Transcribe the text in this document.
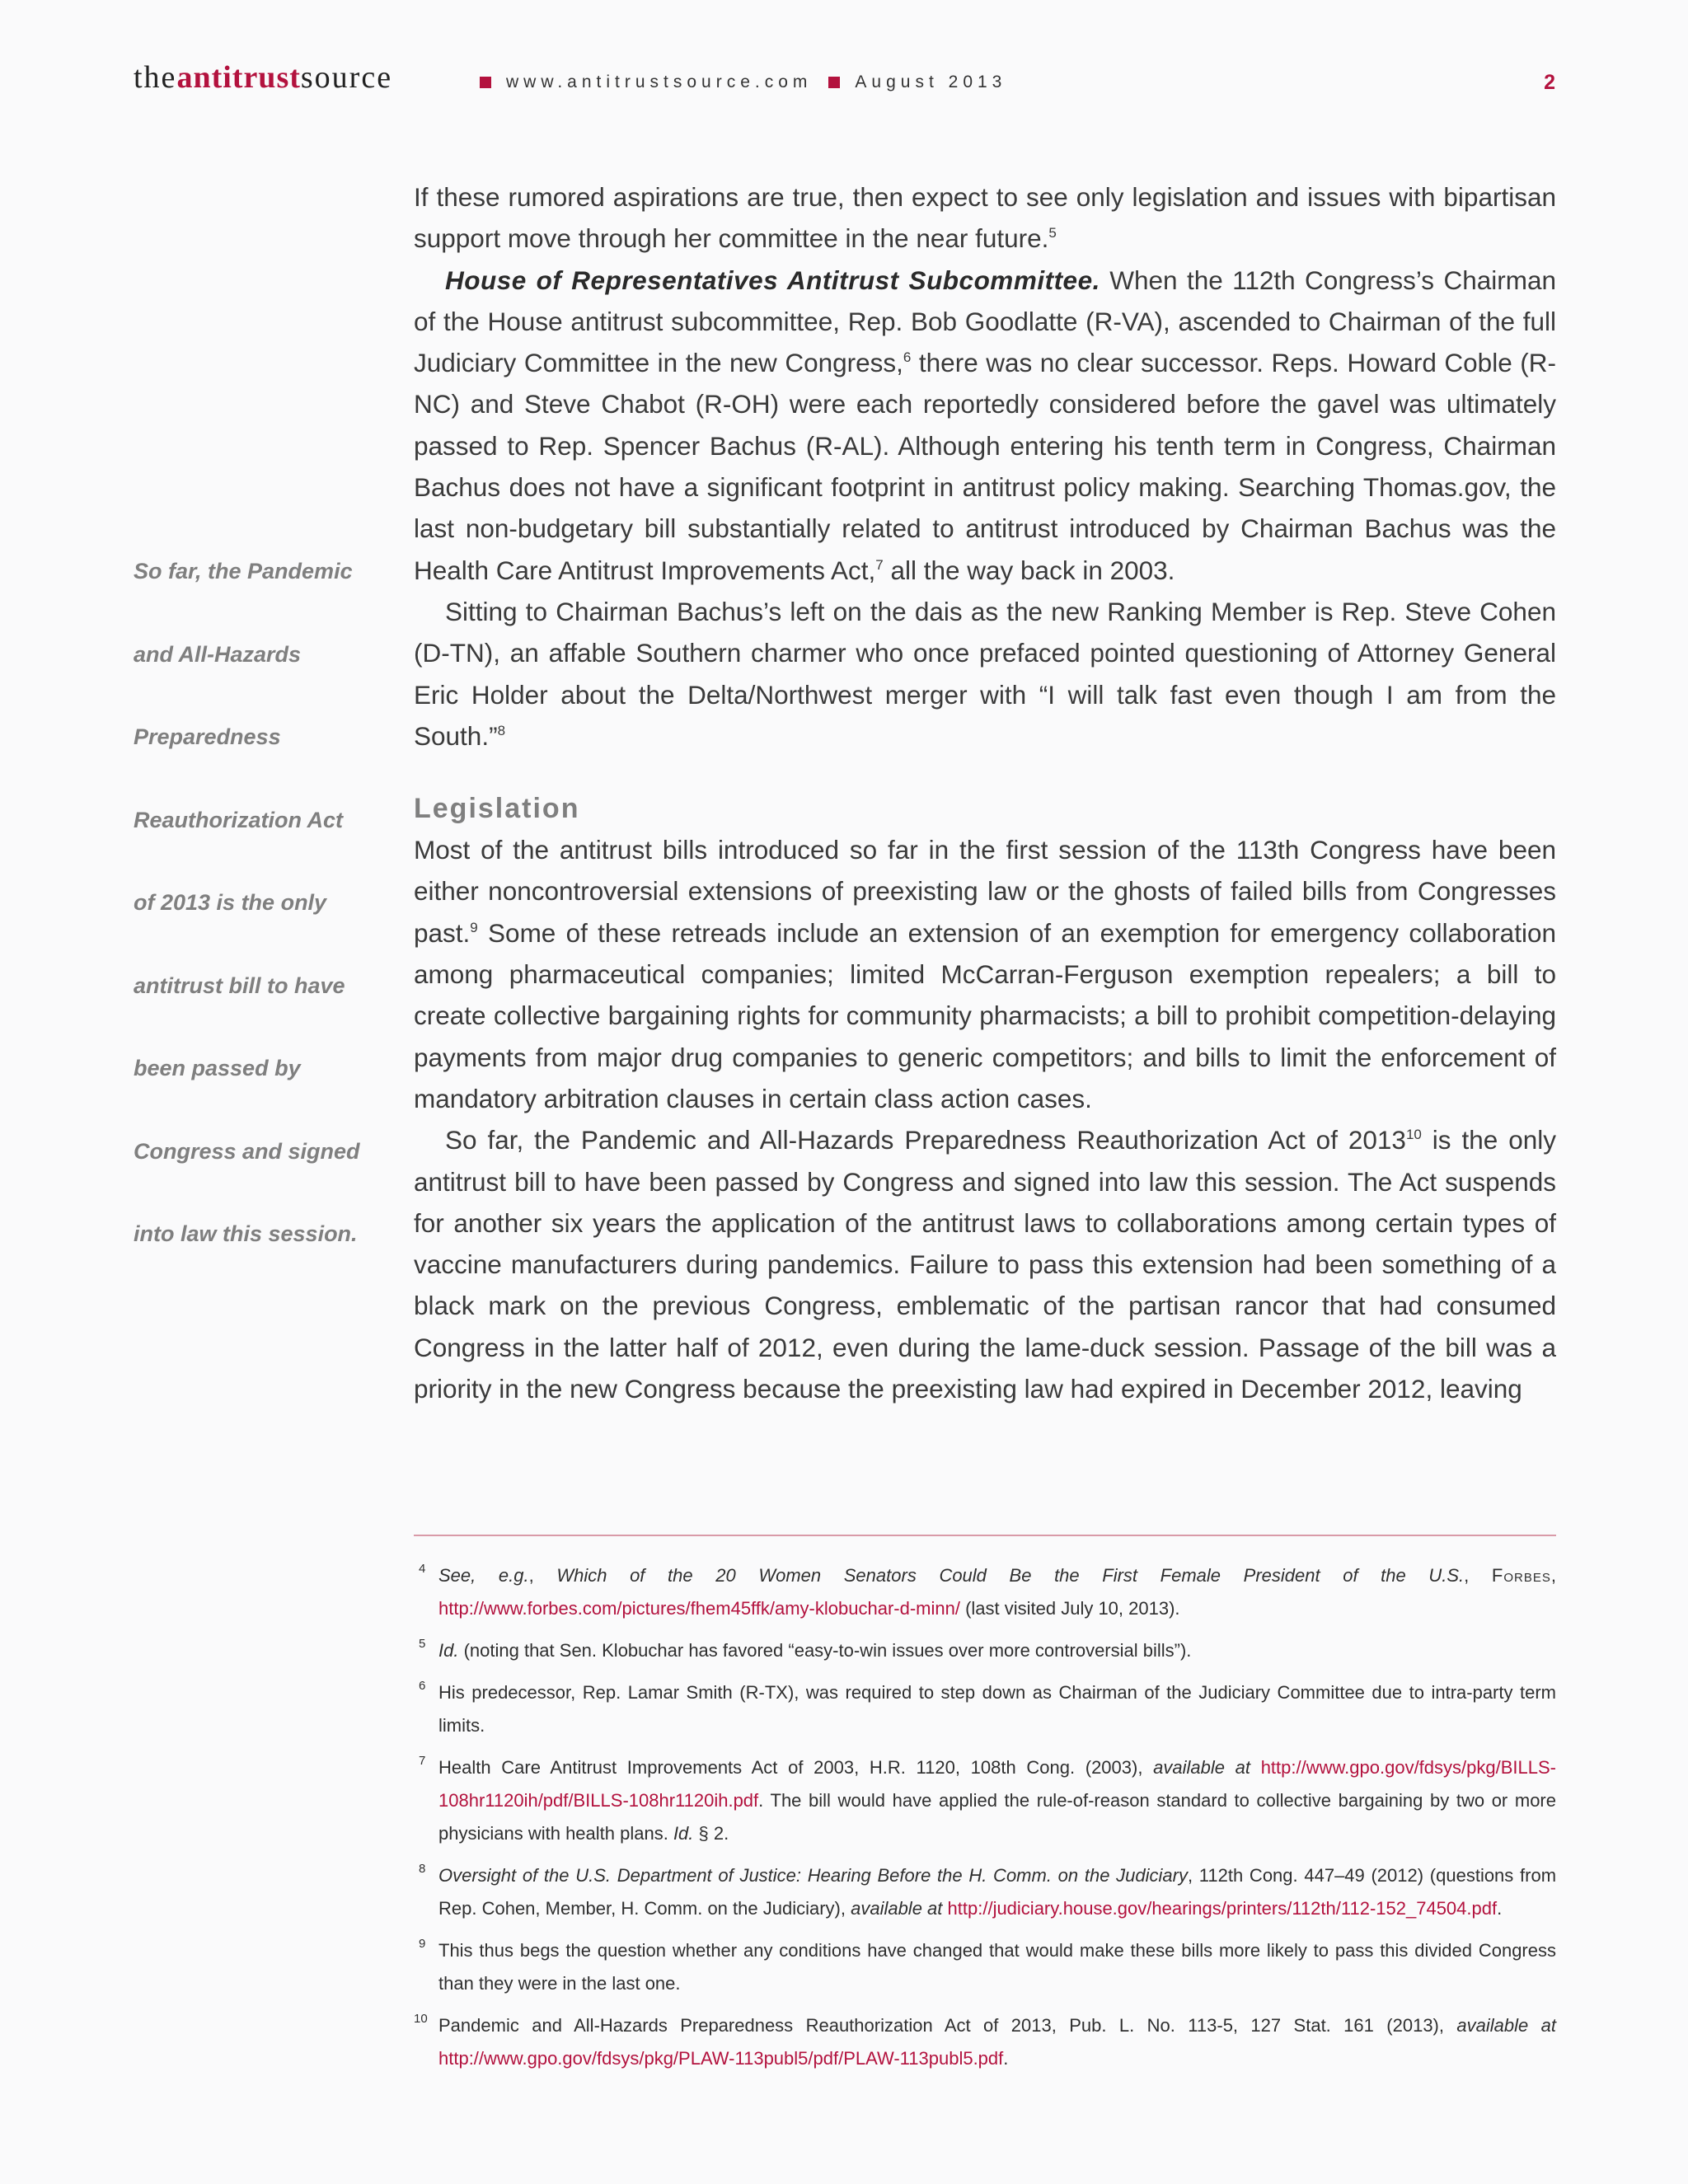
theantitrustsource	www.antitrustsource.com August 2013	2
So far, the Pandemic
and All-Hazards
Preparedness
Reauthorization Act
of 2013 is the only
antitrust bill to have
been passed by
Congress and signed
into law this session.

If these rumored aspirations are true, then expect to see only legislation and issues with bipartisan support move through her committee in the near future.$^5$

House of Representatives Antitrust Subcommittee. When the 112th Congress’s Chairman of the House antitrust subcommittee, Rep. Bob Goodlatte (R-VA), ascended to Chairman of the full Judiciary Committee in the new Congress,$^6$ there was no clear successor. Reps. Howard Coble (R-NC) and Steve Chabot (R-OH) were each reportedly considered before the gavel was ultimately passed to Rep. Spencer Bachus (R-AL). Although entering his tenth term in Congress, Chairman Bachus does not have a significant footprint in antitrust policy making. Searching Thomas.gov, the last non-budgetary bill substantially related to antitrust introduced by Chairman Bachus was the Health Care Antitrust Improvements Act,$^7$ all the way back in 2003.

Sitting to Chairman Bachus’s left on the dais as the new Ranking Member is Rep. Steve Cohen (D-TN), an affable Southern charmer who once prefaced pointed questioning of Attorney General Eric Holder about the Delta/Northwest merger with “I will talk fast even though I am from the South.”$^8$

Legislation

Most of the antitrust bills introduced so far in the first session of the 113th Congress have been either noncontroversial extensions of preexisting law or the ghosts of failed bills from Congresses past.$^9$ Some of these retreads include an extension of an exemption for emergency collaboration among pharmaceutical companies; limited McCarran-Ferguson exemption repealers; a bill to create collective bargaining rights for community pharmacists; a bill to prohibit competition-delaying payments from major drug companies to generic competitors; and bills to limit the enforcement of mandatory arbitration clauses in certain class action cases.

So far, the Pandemic and All-Hazards Preparedness Reauthorization Act of 2013$^{10}$ is the only antitrust bill to have been passed by Congress and signed into law this session. The Act suspends for another six years the application of the antitrust laws to collaborations among certain types of vaccine manufacturers during pandemics. Failure to pass this extension had been something of a black mark on the previous Congress, emblematic of the partisan rancor that had consumed Congress in the latter half of 2012, even during the lame-duck session. Passage of the bill was a priority in the new Congress because the preexisting law had expired in December 2012, leaving

4 See, e.g., Which of the 20 Women Senators Could Be the First Female President of the U.S., Forbes, http://www.forbes.com/pictures/fhem45ffk/amy-klobuchar-d-minn/ (last visited July 10, 2013).

5 Id. (noting that Sen. Klobuchar has favored “easy-to-win issues over more controversial bills”).

6 His predecessor, Rep. Lamar Smith (R-TX), was required to step down as Chairman of the Judiciary Committee due to intra-party term limits.

7 Health Care Antitrust Improvements Act of 2003, H.R. 1120, 108th Cong. (2003), available at http://www.gpo.gov/fdsys/pkg/BILLS-108hr1120ih/pdf/BILLS-108hr1120ih.pdf. The bill would have applied the rule-of-reason standard to collective bargaining by two or more physicians with health plans. Id. § 2.

8 Oversight of the U.S. Department of Justice: Hearing Before the H. Comm. on the Judiciary, 112th Cong. 447–49 (2012) (questions from Rep. Cohen, Member, H. Comm. on the Judiciary), available at http://judiciary.house.gov/hearings/printers/112th/112-152_74504.pdf.

9 This thus begs the question whether any conditions have changed that would make these bills more likely to pass this divided Congress than they were in the last one.

10 Pandemic and All-Hazards Preparedness Reauthorization Act of 2013, Pub. L. No. 113-5, 127 Stat. 161 (2013), available at http://www.gpo.gov/fdsys/pkg/PLAW-113publ5/pdf/PLAW-113publ5.pdf.
